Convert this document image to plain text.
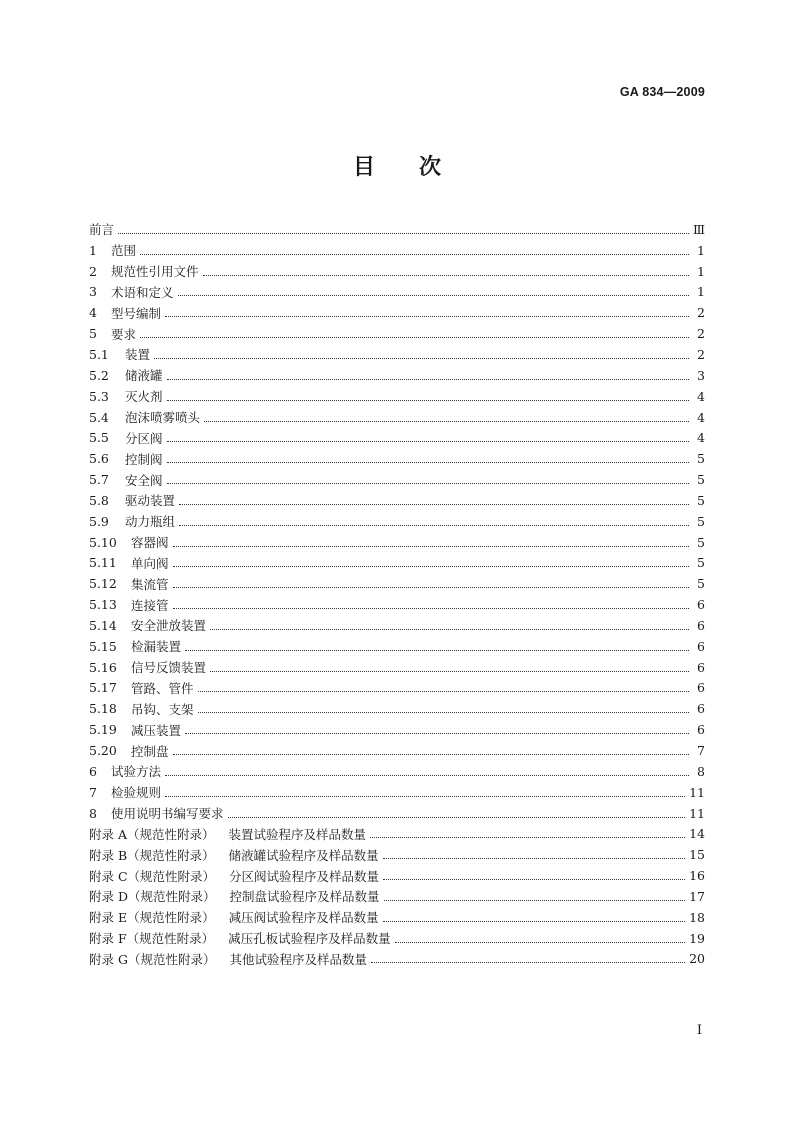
GA 834—2009
目 次
前言	Ⅲ
1	范围	1
2	规范性引用文件	1
3	术语和定义	1
4	型号编制	2
5	要求	2
5.1	装置	2
5.2	储液罐	3
5.3	灭火剂	4
5.4	泡沫喷雾喷头	4
5.5	分区阀	4
5.6	控制阀	5
5.7	安全阀	5
5.8	驱动装置	5
5.9	动力瓶组	5
5.10	容器阀	5
5.11	单向阀	5
5.12	集流管	5
5.13	连接管	6
5.14	安全泄放装置	6
5.15	检漏装置	6
5.16	信号反馈装置	6
5.17	管路、管件	6
5.18	吊钩、支架	6
5.19	减压装置	6
5.20	控制盘	7
6	试验方法	8
7	检验规则	11
8	使用说明书编写要求	11
附录 A（规范性附录） 装置试验程序及样品数量	14
附录 B（规范性附录） 储液罐试验程序及样品数量	15
附录 C（规范性附录） 分区阀试验程序及样品数量	16
附录 D（规范性附录） 控制盘试验程序及样品数量	17
附录 E（规范性附录） 减压阀试验程序及样品数量	18
附录 F（规范性附录） 减压孔板试验程序及样品数量	19
附录 G（规范性附录） 其他试验程序及样品数量	20
Ⅰ
